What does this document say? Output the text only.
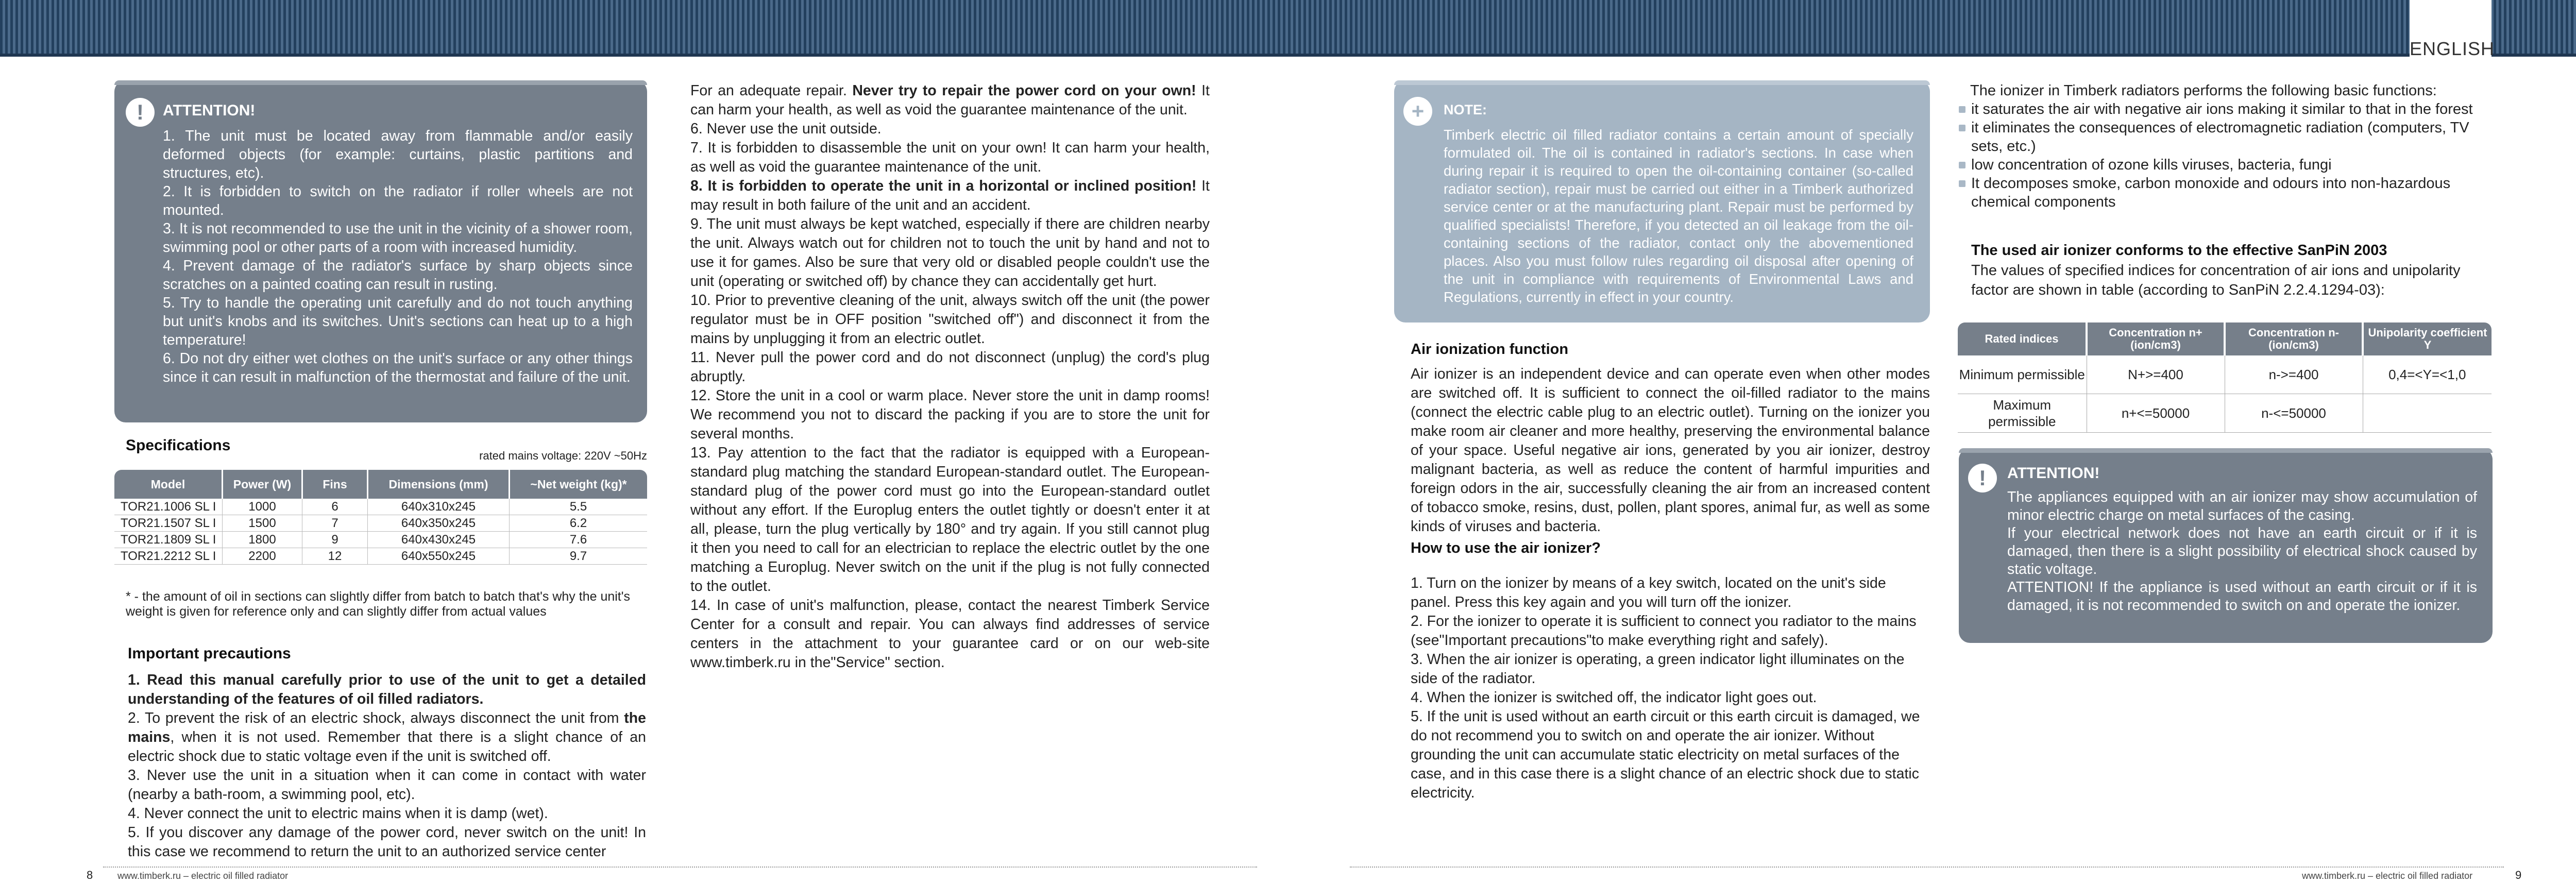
ENGLISH
!	ATTENTION!

1. The unit must be located away from flammable and/or easily deformed objects (for example: curtains, plastic partitions and structures, etc).

2. It is forbidden to switch on the radiator if roller wheels are not mounted.

3. It is not recommended to use the unit in the vicinity of a shower room, swimming pool or other parts of a room with increased humidity.

4. Prevent damage of the radiator's surface by sharp objects since scratches on a painted coating can result in rusting.

5. Try to handle the operating unit carefully and do not touch anything but unit's knobs and its switches. Unit's sections can heat up to a high temperature!

6. Do not dry either wet clothes on the unit's surface or any other things since it can result in malfunction of the thermostat and failure of the unit.

Specifications
rated mains voltage: 220V ~50Hz
Model	Power (W)	Fins	Dimensions (mm)	~Net weight (kg)*
TOR21.1006 SL I	1000	6	640x310x245	5.5
TOR21.1507 SL I	1500	7	640x350x245	6.2
TOR21.1809 SL I	1800	9	640x430x245	7.6
TOR21.2212 SL I	2200	12	640x550x245	9.7
* - the amount of oil in sections can slightly differ from batch to batch that's why the unit's weight is given for reference only and can slightly differ from actual values
Important precautions

1. Read this manual carefully prior to use of the unit to get a detailed understanding of the features of oil filled radiators.

2. To prevent the risk of an electric shock, always disconnect the unit from the mains, when it is not used. Remember that there is a slight chance of an electric shock due to static voltage even if the unit is switched off.

3. Never use the unit in a situation when it can come in contact with water (nearby a bath-room, a swimming pool, etc).

4. Never connect the unit to electric mains when it is damp (wet).

5. If you discover any damage of the power cord, never switch on the unit! In this case we recommend to return the unit to an authorized service center

For an adequate repair. Never try to repair the power cord on your own! It can harm your health, as well as void the guarantee maintenance of the unit.

6. Never use the unit outside.

7. It is forbidden to disassemble the unit on your own! It can harm your health, as well as void the guarantee maintenance of the unit.

8. It is forbidden to operate the unit in a horizontal or inclined position! It may result in both failure of the unit and an accident.

9. The unit must always be kept watched, especially if there are children nearby the unit. Always watch out for children not to touch the unit by hand and not to use it for games. Also be sure that very old or disabled people couldn't use the unit (operating or switched off) by chance they can accidentally get hurt.

10. Prior to preventive cleaning of the unit, always switch off the unit (the power regulator must be in OFF position "switched off") and disconnect it from the mains by unplugging it from an electric outlet.

11. Never pull the power cord and do not disconnect (unplug) the cord's plug abruptly.

12. Store the unit in a cool or warm place. Never store the unit in damp rooms! We recommend you not to discard the packing if you are to store the unit for several months.

13. Pay attention to the fact that the radiator is equipped with a European-standard plug matching the standard European-standard outlet. The European-standard plug of the power cord must go into the European-standard outlet without any effort. If the Europlug enters the outlet tightly or doesn't enter it at all, please, turn the plug vertically by 180° and try again. If you still cannot plug it then you need to call for an electrician to replace the electric outlet by the one matching a Europlug. Never switch on the unit if the plug is not fully connected to the outlet.

14. In case of unit's malfunction, please, contact the nearest Timberk Service Center for a consult and repair. You can always find addresses of service centers in the attachment to your guarantee card or on our web-site www.timberk.ru in the"Service" section.

+	NOTE:
Timberk electric oil filled radiator contains a certain amount of specially formulated oil. The oil is contained in radiator's sections. In case when during repair it is required to open the oil-containing container (so-called radiator section), repair must be carried out either in a Timberk authorized service center or at the manufacturing plant. Repair must be performed by qualified specialists! Therefore, if you detected an oil leakage from the oil-containing sections of the radiator, contact only the abovementioned places. Also you must follow rules regarding oil disposal after opening of the unit in compliance with requirements of Environmental Laws and Regulations, currently in effect in your country.
Air ionization function
Air ionizer is an independent device and can operate even when other modes are switched off. It is sufficient to connect the oil-filled radiator to the mains (connect the electric cable plug to an electric outlet). Turning on the ionizer you make room air cleaner and more healthy, preserving the environmental balance of your space. Useful negative air ions, generated by you air ionizer, destroy malignant bacteria, as well as reduce the content of harmful impurities and foreign odors in the air, successfully cleaning the air from an increased content of tobacco smoke, resins, dust, pollen, plant spores, animal fur, as well as some kinds of viruses and bacteria.
How to use the air ionizer?

1. Turn on the ionizer by means of a key switch, located on the unit's side panel. Press this key again and you will turn off the ionizer.

2. For the ionizer to operate it is sufficient to connect you radiator to the mains (see"Important precautions"to make everything right and safely).

3. When the air ionizer is operating, a green indicator light illuminates on the side of the radiator.

4. When the ionizer is switched off, the indicator light goes out.

5. If the unit is used without an earth circuit or this earth circuit is damaged, we do not recommend you to switch on and operate the air ionizer. Without grounding the unit can accumulate static electricity on metal surfaces of the case, and in this case there is a slight chance of an electric shock due to static electricity.

The ionizer in Timberk radiators performs the following basic functions:

it saturates the air with negative air ions making it similar to that in the forest
it eliminates the consequences of electromagnetic radiation (computers, TV sets, etc.)
low concentration of ozone kills viruses, bacteria, fungi
It decomposes smoke, carbon monoxide and odours into non-hazardous chemical components
The used air ionizer conforms to the effective SanPiN 2003
The values of specified indices for concentration of air ions and unipolarity factor are shown in table (according to SanPiN 2.2.4.1294-03):
Rated indices	Concentration n+ (ion/cm3)	Concentration n- (ion/cm3)	Unipolarity coefficient Y
Minimum permissible	N+>=400	n->=400	0,4=<Y=<1,0
Maximum permissible	n+<=50000	n-<=50000	
!	ATTENTION!

The appliances equipped with an air ionizer may show accumulation of minor electric charge on metal surfaces of the casing.

If your electrical network does not have an earth circuit or if it is damaged, then there is a slight possibility of electrical shock caused by static voltage.

ATTENTION! If the appliance is used without an earth circuit or if it is damaged, it is not recommended to switch on and operate the ionizer.

8	www.timberk.ru – electric oil filled radiator	www.timberk.ru – electric oil filled radiator	9
